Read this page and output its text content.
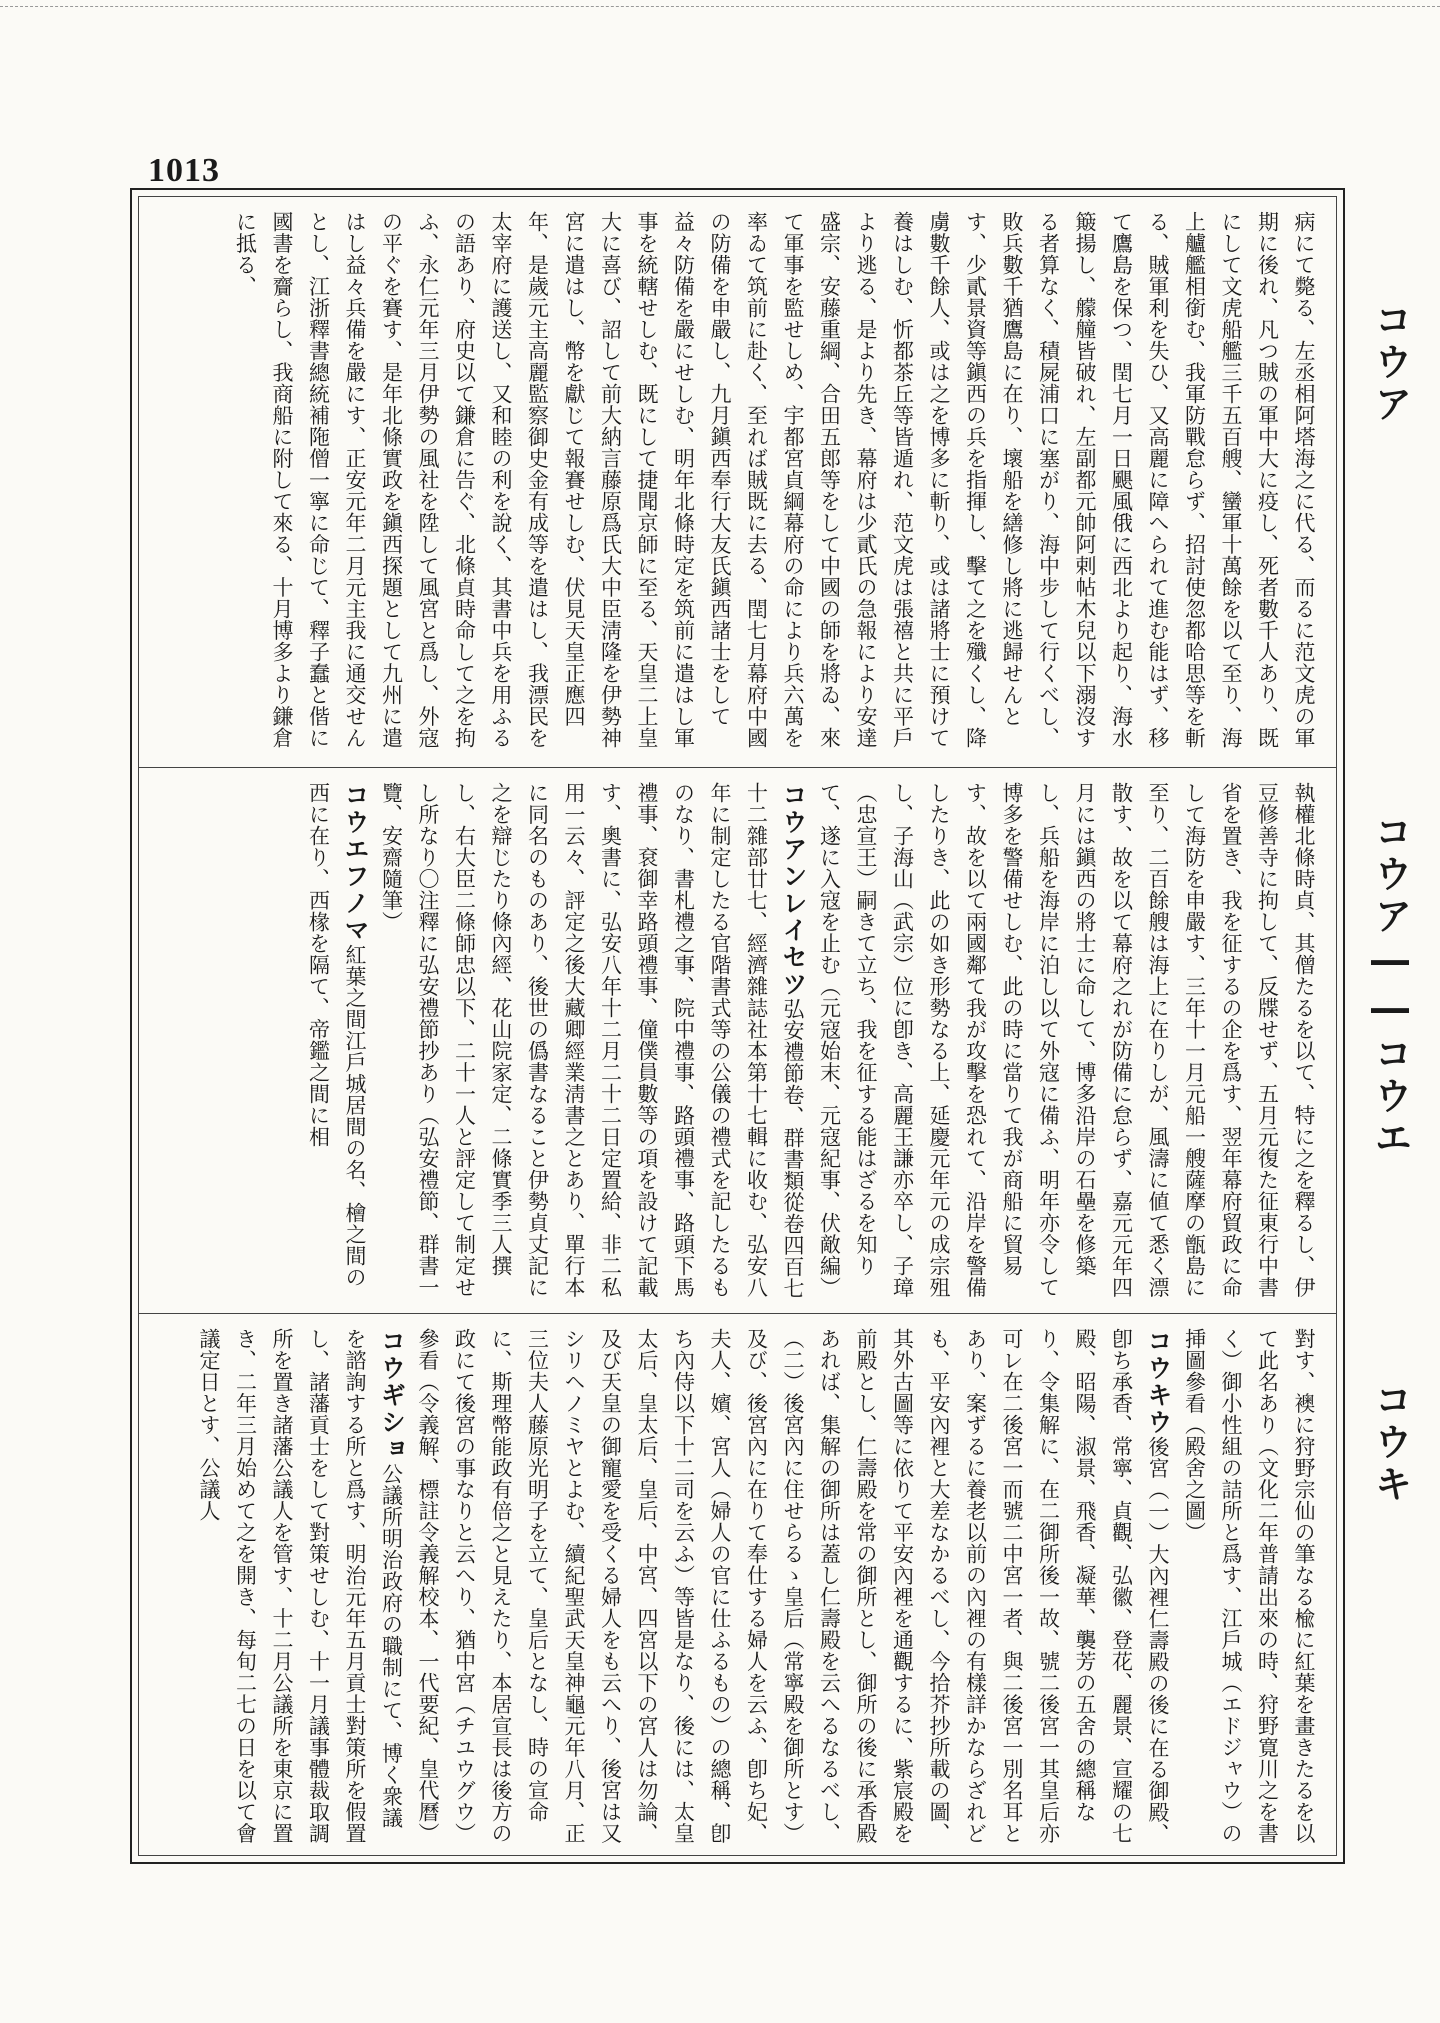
1013
コウア
コウア――コウエ
コウキ

病にて斃る、左丞相阿塔海之に代る、而るに范文虎の軍期に後れ、凡つ賊の軍中大に疫し、死者數千人あり、既にして文虎船艦三千五百艘、蠻軍十萬餘を以て至り、海上艫艦相銜む、我軍防戰怠らず、招討使忽都哈思等を斬る、賊軍利を失ひ、又高麗に障へられて進む能はず、移て鷹島を保つ、閏七月一日颶風俄に西北より起り、海水簸揚し、艨艟皆破れ、左副都元帥阿剌帖木兒以下溺沒する者算なく、積屍浦口に塞がり、海中步して行くべし、敗兵數千猶鷹島に在り、壞船を繕修し將に逃歸せんとす、少貳景資等鎭西の兵を指揮し、擊て之を殲くし、降虜數千餘人、或は之を博多に斬り、或は諸將士に預けて養はしむ、忻都茶丘等皆遁れ、范文虎は張禧と共に平戶より逃る、是より先き、幕府は少貳氏の急報により安達盛宗、安藤重綱、合田五郎等をして中國の師を將ゐ、來て軍事を監せしめ、宇都宮貞綱幕府の命により兵六萬を率ゐて筑前に赴く、至れば賊既に去る、閏七月幕府中國の防備を申嚴し、九月鎭西奉行大友氏鎭西諸士をして益々防備を嚴にせしむ、明年北條時定を筑前に遣はし軍事を統轄せしむ、既にして捷聞京師に至る、天皇二上皇大に喜び、詔して前大納言藤原爲氏大中臣淸隆を伊勢神宮に遣はし、幣を獻じて報賽せしむ、伏見天皇正應四年、是歲元主高麗監察御史金有成等を遣はし、我漂民を太宰府に護送し、又和睦の利を說く、其書中兵を用ふるの語あり、府史以て鎌倉に告ぐ、北條貞時命して之を拘ふ、永仁元年三月伊勢の風社を陞して風宮と爲し、外寇の平ぐを賽す、是年北條實政を鎭西探題として九州に遣はし益々兵備を嚴にす、正安元年二月元主我に通交せんとし、江浙釋書總統補陁僧一寧に命じて、釋子蠢と偕に國書を齎らし、我商船に附して來る、十月博多より鎌倉に抵る、

執權北條時貞、其僧たるを以て、特に之を釋るし、伊豆修善寺に拘して、反牒せず、五月元復た征東行中書省を置き、我を征するの企を爲す、翌年幕府貿政に命して海防を申嚴す、三年十一月元船一艘薩摩の甑島に至り、二百餘艘は海上に在りしが、風濤に値て悉く漂散す、故を以て幕府之れが防備に怠らず、嘉元元年四月には鎭西の將士に命して、博多沿岸の石壘を修築し、兵船を海岸に泊し以て外寇に備ふ、明年亦令して博多を警備せしむ、此の時に當りて我が商船に貿易す、故を以て兩國鄰て我が攻擊を恐れて、沿岸を警備したりき、此の如き形勢なる上、延慶元年元の成宗殂し、子海山（武宗）位に卽き、高麗王謙亦卒し、子璋（忠宣王）嗣きて立ち、我を征する能はざるを知りて、遂に入寇を止む（元寇始末、元寇紀事、伏敵編）

コウアンレイセツ弘安禮節卷、群書類從卷四百七十二雜部廿七、經濟雜誌社本第十七輯に收む、弘安八年に制定したる官階書式等の公儀の禮式を記したるものなり、書札禮之事、院中禮事、路頭禮事、路頭下馬禮事、袞御幸路頭禮事、僮僕員數等の項を設けて記載す、奧書に、弘安八年十二月二十二日定置給、非二私用一云々、評定之後大藏卿經業淸書之とあり、單行本に同名のものあり、後世の僞書なること伊勢貞丈記に之を辯じたり條內經、花山院家定、二條實季三人撰し、右大臣二條師忠以下、二十一人と評定して制定せし所なり〇注釋に弘安禮節抄あり（弘安禮節、群書一覽、安齋隨筆）

コウエフノマ紅葉之間江戶城居間の名、檜之間の西に在り、西椽を隔て、帝鑑之間に相

對す、襖に狩野宗仙の筆なる楡に紅葉を畫きたるを以て此名あり（文化二年普請出來の時、狩野寛川之を書く）御小性組の詰所と爲す、江戶城（エドジャウ）の挿圖參看（殿舍之圖）

コウキウ後宮（一）大內裡仁壽殿の後に在る御殿、卽ち承香、常寧、貞觀、弘徽、登花、麗景、宣耀の七殿、昭陽、淑景、飛香、凝華、襲芳の五舍の總稱なり、令集解に、在二御所後一故、號二後宮一其皇后亦可レ在二後宮一而號二中宮一者、與二後宮一別名耳とあり、案ずるに養老以前の內裡の有樣詳かならざれども、平安內裡と大差なかるべし、今拾芥抄所載の圖、其外古圖等に依りて平安內裡を通觀するに、紫宸殿を前殿とし、仁壽殿を常の御所とし、御所の後に承香殿あれば、集解の御所は蓋し仁壽殿を云へるなるべし、（二）後宮內に住せらるゝ皇后（常寧殿を御所とす）及び、後宮內に在りて奉仕する婦人を云ふ、卽ち妃、夫人、嬪、宮人（婦人の官に仕ふるもの）の總稱、卽ち內侍以下十二司を云ふ）等皆是なり、後には、太皇太后、皇太后、皇后、中宮、四宮以下の宮人は勿論、及び天皇の御寵愛を受くる婦人をも云へり、後宮は又シリヘノミヤとよむ、續紀聖武天皇神龜元年八月、正三位夫人藤原光明子を立て、皇后となし、時の宣命に、斯理幣能政有倍之と見えたり、本居宣長は後方の政にて後宮の事なりと云へり、猶中宮（チユウグウ）參看（令義解、標註令義解校本、一代要紀、皇代曆）

コウギショ公議所明治政府の職制にて、博く衆議を諮詢する所と爲す、明治元年五月貢士對策所を假置し、諸藩貢士をして對策せしむ、十一月議事體裁取調所を置き諸藩公議人を管す、十二月公議所を東京に置き、二年三月始めて之を開き、每旬二七の日を以て會議定日とす、公議人
